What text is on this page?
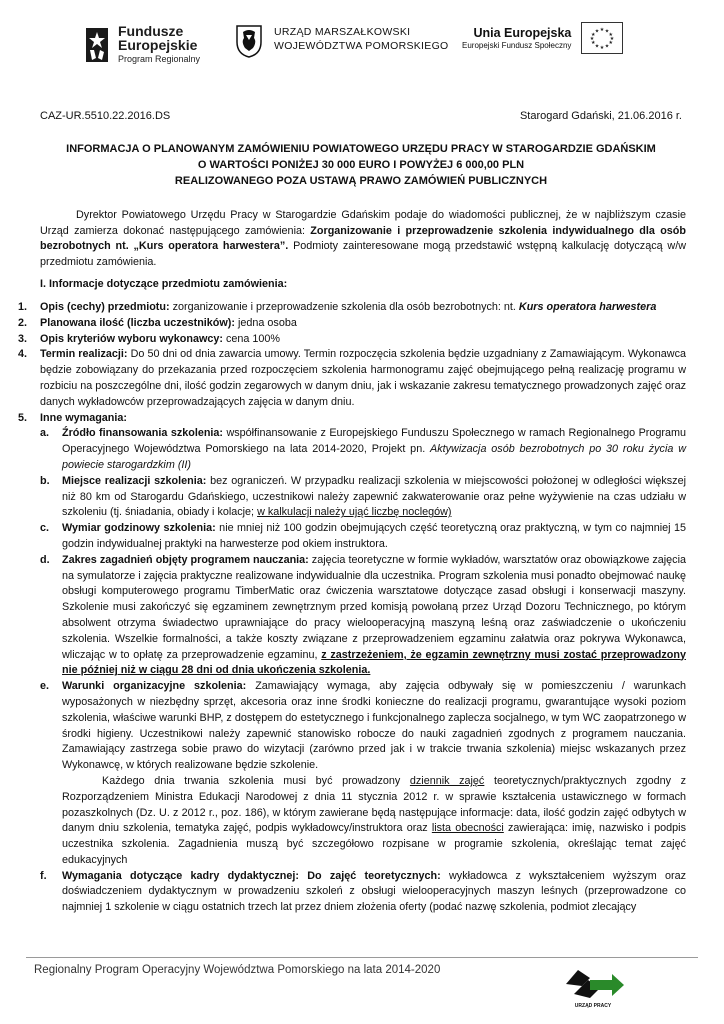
Fundusze
Europejskie
Program Regionalny
URZĄD MARSZAŁKOWSKI
WOJEWÓDZTWA POMORSKIEGO
Unia Europejska
Europejski Fundusz Społeczny
★ ★
★
★
★
★
★
★
★
★
★
★
CAZ-UR.5510.22.2016.DS	Starogard Gdański, 21.06.2016 r.
INFORMACJA O PLANOWANYM ZAMÓWIENIU POWIATOWEGO URZĘDU PRACY W STAROGARDZIE GDAŃSKIM
O WARTOŚCI PONIŻEJ 30 000 EURO I POWYŻEJ 6 000,00 PLN
REALIZOWANEGO POZA USTAWĄ PRAWO ZAMÓWIEŃ PUBLICZNYCH
Dyrektor Powiatowego Urzędu Pracy w Starogardzie Gdańskim podaje do wiadomości publicznej, że w najbliższym czasie Urząd zamierza dokonać następującego zamówienia: Zorganizowanie i przeprowadzenie szkolenia indywidualnego dla osób bezrobotnych nt. „Kurs operatora harwestera”. Podmioty zainteresowane mogą przedstawić wstępną kalkulację dotyczącą w/w przedmiotu zamówienia.
I. Informacje dotyczące przedmiotu zamówienia:
1. Opis (cechy) przedmiotu: zorganizowanie i przeprowadzenie szkolenia dla osób bezrobotnych: nt. Kurs operatora harwestera
2. Planowana ilość (liczba uczestników): jedna osoba
3. Opis kryteriów wyboru wykonawcy: cena 100%
4. Termin realizacji: Do 50 dni od dnia zawarcia umowy. Termin rozpoczęcia szkolenia będzie uzgadniany z Zamawiającym. Wykonawca będzie zobowiązany do przekazania przed rozpoczęciem szkolenia harmonogramu zajęć obejmującego pełną realizację programu w rozbiciu na poszczególne dni, ilość godzin zegarowych w danym dniu, jak i wskazanie zakresu tematycznego prowadzonych zajęć oraz danych wykładowców przeprowadzających zajęcia w danym dniu.
5. Inne wymagania:
a. Źródło finansowania szkolenia: współfinansowanie z Europejskiego Funduszu Społecznego w ramach Regionalnego Programu Operacyjnego Województwa Pomorskiego na lata 2014-2020, Projekt pn. Aktywizacja osób bezrobotnych po 30 roku życia w powiecie starogardzkim (II)
b. Miejsce realizacji szkolenia: bez ograniczeń. W przypadku realizacji szkolenia w miejscowości położonej w odległości większej niż 80 km od Starogardu Gdańskiego, uczestnikowi należy zapewnić zakwaterowanie oraz pełne wyżywienie na czas udziału w szkoleniu (tj. śniadania, obiady i kolacje; w kalkulacji należy ująć liczbę noclegów)
c. Wymiar godzinowy szkolenia: nie mniej niż 100 godzin obejmujących część teoretyczną oraz praktyczną, w tym co najmniej 15 godzin indywidualnej praktyki na harwesterze pod okiem instruktora.
d. Zakres zagadnień objęty programem nauczania: zajęcia teoretyczne w formie wykładów, warsztatów oraz obowiązkowe zajęcia na symulatorze i zajęcia praktyczne realizowane indywidualnie dla uczestnika. Program szkolenia musi ponadto obejmować naukę obsługi komputerowego programu TimberMatic oraz ćwiczenia warsztatowe dotyczące zasad obsługi i konserwacji maszyny. Szkolenie musi zakończyć się egzaminem zewnętrznym przed komisją powołaną przez Urząd Dozoru Technicznego, po którym absolwent otrzyma świadectwo uprawniające do pracy wielooperacyjną maszyną leśną oraz zaświadczenie o ukończeniu szkolenia. Wszelkie formalności, a także koszty związane z przeprowadzeniem egzaminu załatwia oraz pokrywa Wykonawca, wliczając w to opłatę za przeprowadzenie egzaminu, z zastrzeżeniem, że egzamin zewnętrzny musi zostać przeprowadzony nie później niż w ciągu 28 dni od dnia ukończenia szkolenia.
e. Warunki organizacyjne szkolenia: Zamawiający wymaga, aby zajęcia odbywały się w pomieszczeniu / warunkach wyposażonych w niezbędny sprzęt, akcesoria oraz inne środki konieczne do realizacji programu, gwarantujące wysoki poziom szkolenia, właściwe warunki BHP, z dostępem do estetycznego i funkcjonalnego zaplecza socjalnego, w tym WC zaopatrzonego w środki higieny. Uczestnikowi należy zapewnić stanowisko robocze do nauki zagadnień zgodnych z programem nauczania. Zamawiający zastrzega sobie prawo do wizytacji (zarówno przed jak i w trakcie trwania szkolenia) miejsc wskazanych przez Wykonawcę, w których realizowane będzie szkolenie.
Każdego dnia trwania szkolenia musi być prowadzony dziennik zajęć teoretycznych/praktycznych zgodny z Rozporządzeniem Ministra Edukacji Narodowej z dnia 11 stycznia 2012 r. w sprawie kształcenia ustawicznego w formach pozaszkolnych (Dz. U. z 2012 r., poz. 186), w którym zawierane będą następujące informacje: data, ilość godzin zajęć odbytych w danym dniu szkolenia, tematyka zajęć, podpis wykładowcy/instruktora oraz lista obecności zawierająca: imię, nazwisko i podpis uczestnika szkolenia. Zagadnienia muszą być szczegółowo rozpisane w programie szkolenia, określając temat zajęć edukacyjnych
f. Wymagania dotyczące kadry dydaktycznej: Do zajęć teoretycznych: wykładowca z wykształceniem wyższym oraz doświadczeniem dydaktycznym w prowadzeniu szkoleń z obsługi wielooperacyjnych maszyn leśnych (przeprowadzone co najmniej 1 szkolenie w ciągu ostatnich trzech lat przez dniem złożenia oferty (podać nazwę szkolenia, podmiot zlecający
Regionalny Program Operacyjny Województwa Pomorskiego na lata 2014-2020
URZĄD PRACY
